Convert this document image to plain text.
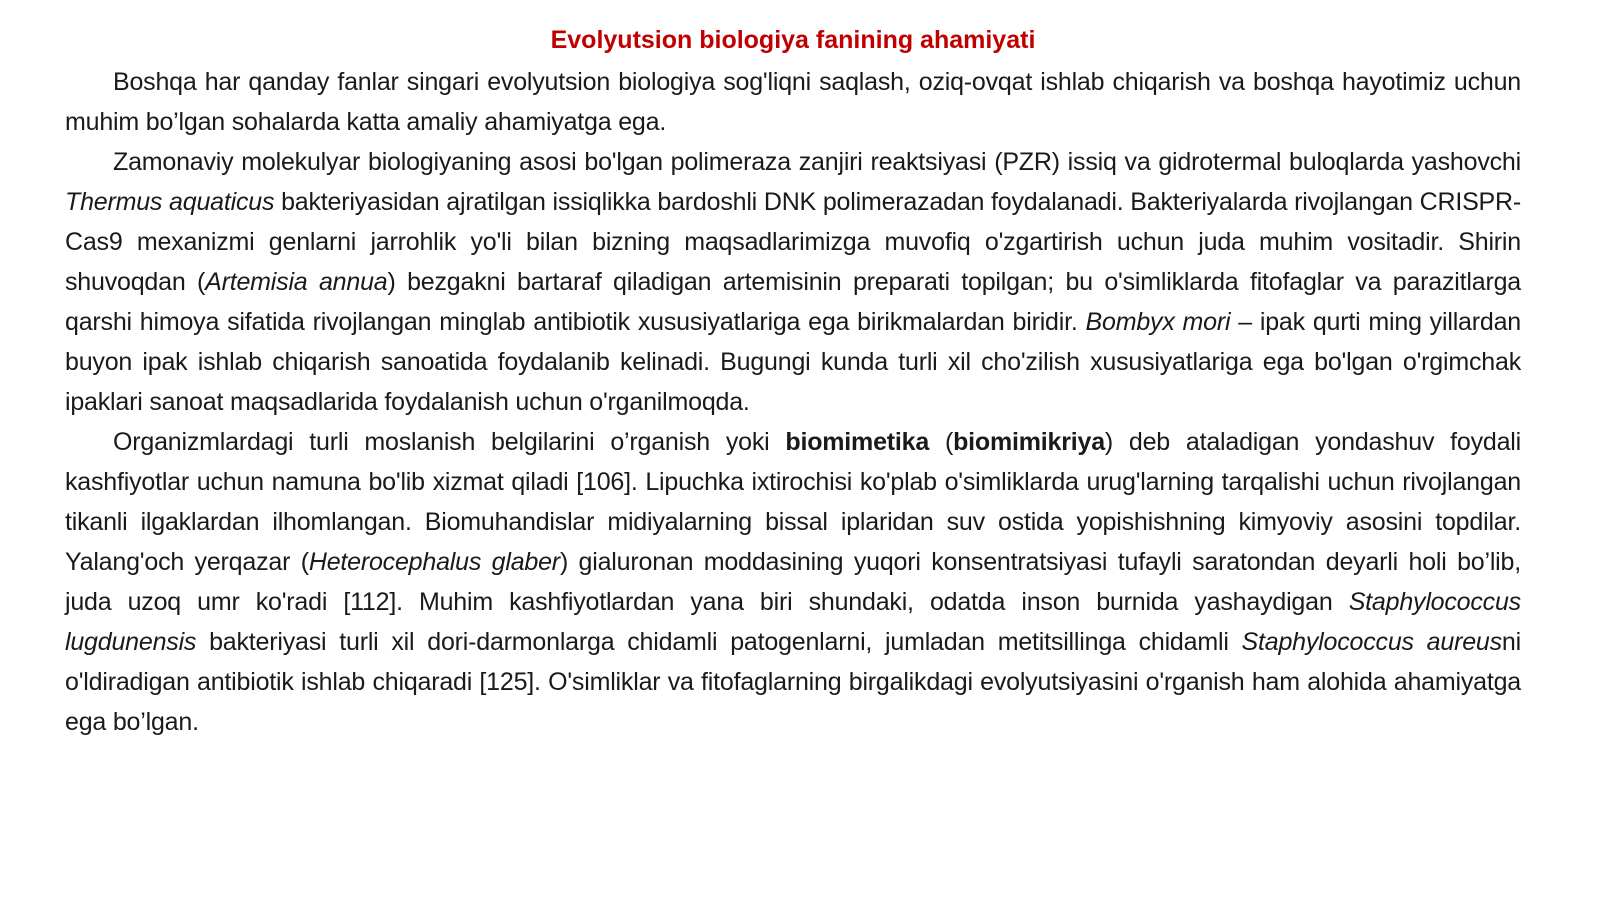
Evolyutsion biologiya fanining ahamiyati

Boshqa har qanday fanlar singari evolyutsion biologiya sog'liqni saqlash, oziq-ovqat ishlab chiqarish va boshqa hayotimiz uchun muhim bo’lgan sohalarda katta amaliy ahamiyatga ega.

Zamonaviy molekulyar biologiyaning asosi bo'lgan polimeraza zanjiri reaktsiyasi (PZR) issiq va gidrotermal buloqlarda yashovchi Thermus aquaticus bakteriyasidan ajratilgan issiqlikka bardoshli DNK polimerazadan foydalanadi. Bakteriyalarda rivojlangan CRISPR-Cas9 mexanizmi genlarni jarrohlik yo'li bilan bizning maqsadlarimizga muvofiq o'zgartirish uchun juda muhim vositadir. Shirin shuvoqdan (Artemisia annua) bezgakni bartaraf qiladigan artemisinin preparati topilgan; bu o'simliklarda fitofaglar va parazitlarga qarshi himoya sifatida rivojlangan minglab antibiotik xususiyatlariga ega birikmalardan biridir. Bombyx mori – ipak qurti ming yillardan buyon ipak ishlab chiqarish sanoatida foydalanib kelinadi. Bugungi kunda turli xil cho'zilish xususiyatlariga ega bo'lgan o'rgimchak ipaklari sanoat maqsadlarida foydalanish uchun o'rganilmoqda.

Organizmlardagi turli moslanish belgilarini o’rganish yoki biomimetika (biomimikriya) deb ataladigan yondashuv foydali kashfiyotlar uchun namuna bo'lib xizmat qiladi [106]. Lipuchka ixtirochisi ko'plab o'simliklarda urug'larning tarqalishi uchun rivojlangan tikanli ilgaklardan ilhomlangan. Biomuhandislar midiyalarning bissal iplaridan suv ostida yopishishning kimyoviy asosini topdilar. Yalang'och yerqazar (Heterocephalus glaber) gialuronan moddasining yuqori konsentratsiyasi tufayli saratondan deyarli holi bo’lib, juda uzoq umr ko'radi [112]. Muhim kashfiyotlardan yana biri shundaki, odatda inson burnida yashaydigan Staphylococcus lugdunensis bakteriyasi turli xil dori-darmonlarga chidamli patogenlarni, jumladan metitsillinga chidamli Staphylococcus aureusni o'ldiradigan antibiotik ishlab chiqaradi [125]. O'simliklar va fitofaglarning birgalikdagi evolyutsiyasini o'rganish ham alohida ahamiyatga ega bo’lgan.
